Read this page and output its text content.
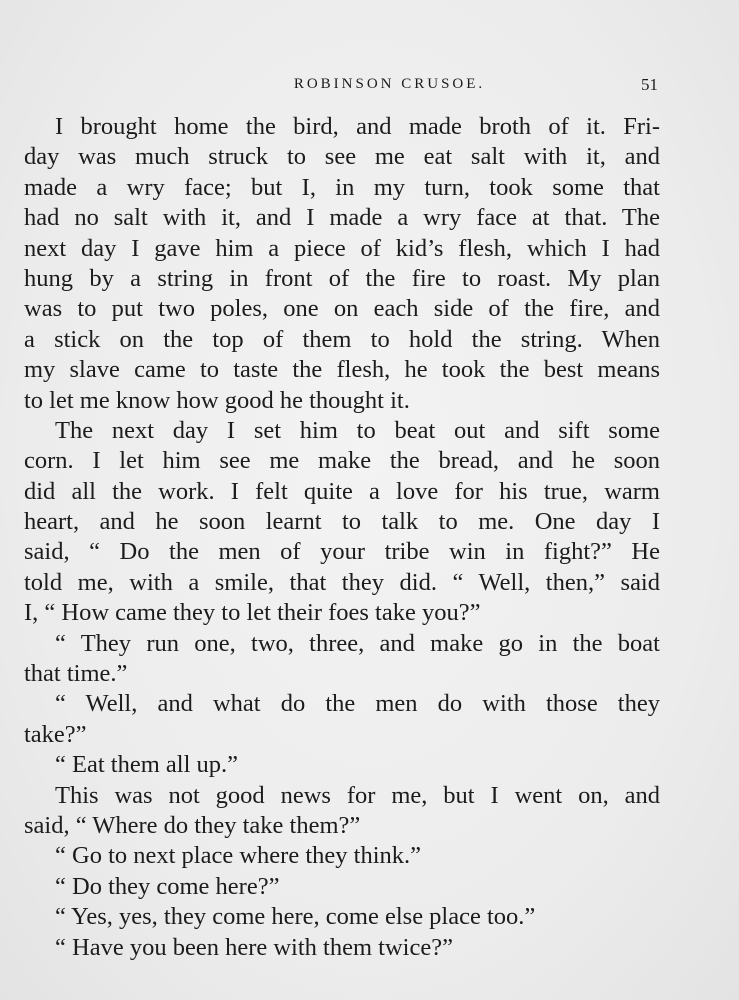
ROBINSON CRUSOE.	51
I brought home the bird, and made broth of it. Fri-
day was much struck to see me eat salt with it, and
made a wry face; but I, in my turn, took some that
had no salt with it, and I made a wry face at that. The
next day I gave him a piece of kid’s flesh, which I had
hung by a string in front of the fire to roast. My plan
was to put two poles, one on each side of the fire, and
a stick on the top of them to hold the string. When
my slave came to taste the flesh, he took the best means
to let me know how good he thought it.
The next day I set him to beat out and sift some
corn. I let him see me make the bread, and he soon
did all the work. I felt quite a love for his true, warm
heart, and he soon learnt to talk to me. One day I
said, “ Do the men of your tribe win in fight?” He
told me, with a smile, that they did. “ Well, then,” said
I, “ How came they to let their foes take you?”
“ They run one, two, three, and make go in the boat
that time.”
“ Well, and what do the men do with those they
take?”
“ Eat them all up.”
This was not good news for me, but I went on, and
said, “ Where do they take them?”
“ Go to next place where they think.”
“ Do they come here?”
“ Yes, yes, they come here, come else place too.”
“ Have you been here with them twice?”
